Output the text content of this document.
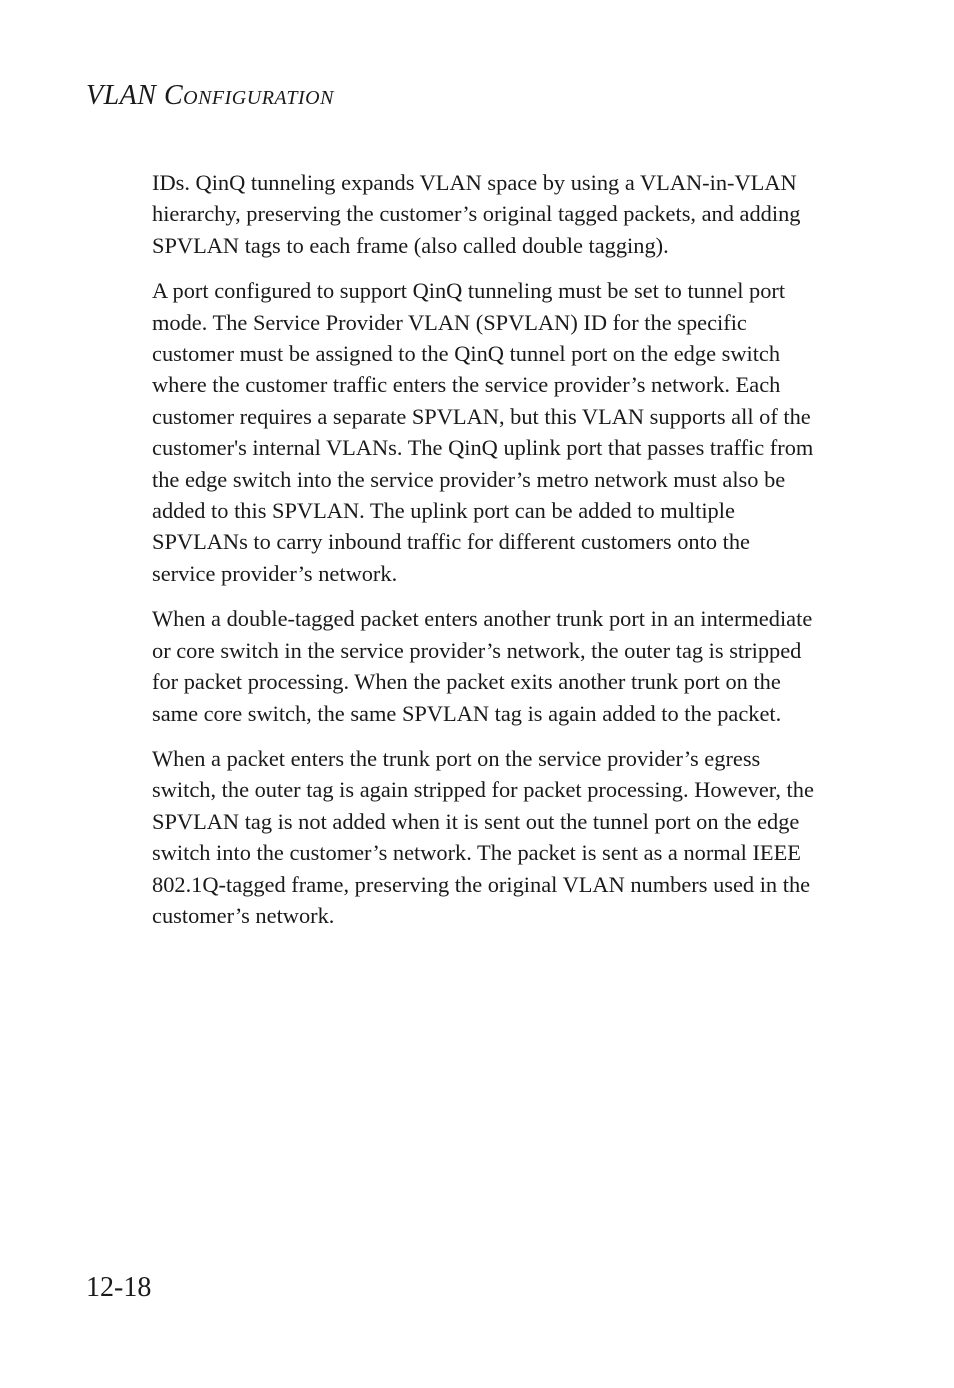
VLAN Configuration

IDs. QinQ tunneling expands VLAN space by using a VLAN-in-VLAN
hierarchy, preserving the customer’s original tagged packets, and adding
SPVLAN tags to each frame (also called double tagging).

A port configured to support QinQ tunneling must be set to tunnel port
mode. The Service Provider VLAN (SPVLAN) ID for the specific
customer must be assigned to the QinQ tunnel port on the edge switch
where the customer traffic enters the service provider’s network. Each
customer requires a separate SPVLAN, but this VLAN supports all of the
customer's internal VLANs. The QinQ uplink port that passes traffic from
the edge switch into the service provider’s metro network must also be
added to this SPVLAN. The uplink port can be added to multiple
SPVLANs to carry inbound traffic for different customers onto the
service provider’s network.

When a double-tagged packet enters another trunk port in an intermediate
or core switch in the service provider’s network, the outer tag is stripped
for packet processing. When the packet exits another trunk port on the
same core switch, the same SPVLAN tag is again added to the packet.

When a packet enters the trunk port on the service provider’s egress
switch, the outer tag is again stripped for packet processing. However, the
SPVLAN tag is not added when it is sent out the tunnel port on the edge
switch into the customer’s network. The packet is sent as a normal IEEE
802.1Q-tagged frame, preserving the original VLAN numbers used in the
customer’s network.

12-18
